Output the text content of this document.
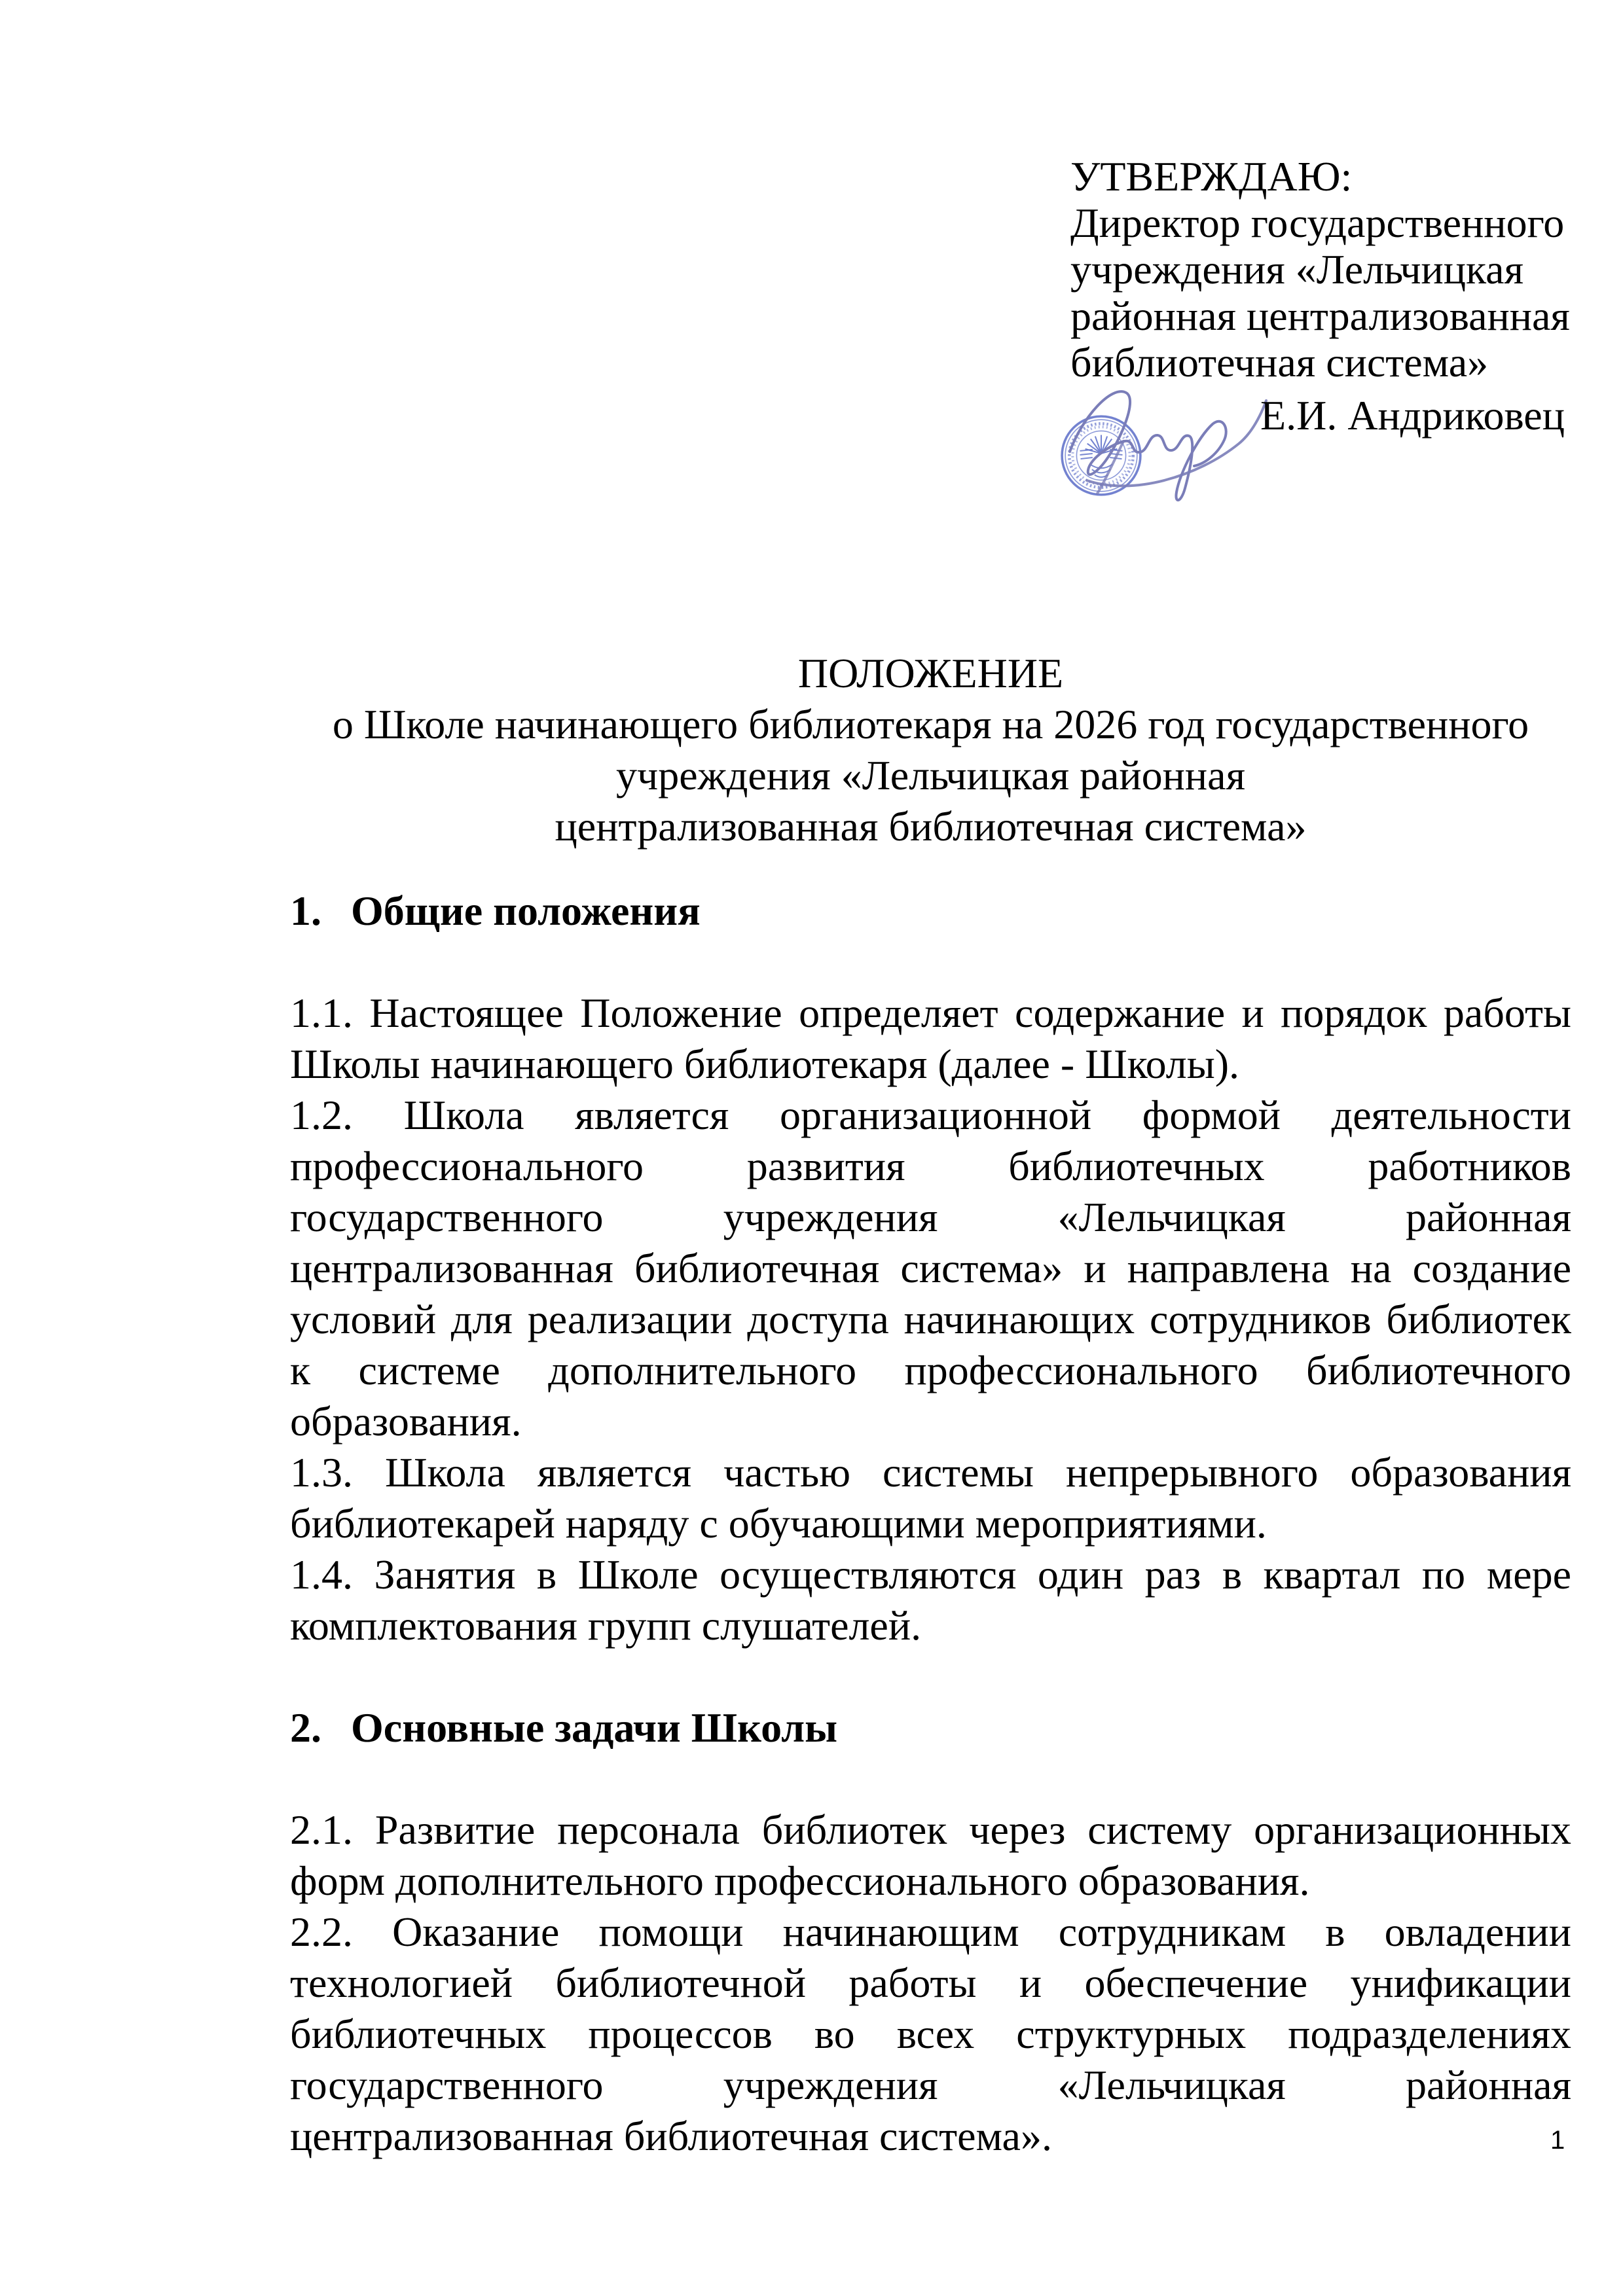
УТВЕРЖДАЮ:
Директор государственного
учреждения «Лельчицкая
районная централизованная
библиотечная система»
Е.И. Андриковец
ПОЛОЖЕНИЕ
о Школе начинающего библиотекаря на 2026 год государственного
учреждения «Лельчицкая районная
централизованная библиотечная система»

1. Общие положения

1.1. Настоящее Положение определяет содержание и порядок работы Школы начинающего библиотекаря (далее - Школы).

1.2. Школа является организационной формой деятельности профессионального развития библиотечных работников государственного учреждения «Лельчицкая районная централизованная библиотечная система» и направлена на создание условий для реализации доступа начинающих сотрудников библиотек к системе дополнительного профессионального библиотечного образования.

1.3. Школа является частью системы непрерывного образования библиотекарей наряду с обучающими мероприятиями.

1.4. Занятия в Школе осуществляются один раз в квартал по мере комплектования групп слушателей.

2. Основные задачи Школы

2.1. Развитие персонала библиотек через систему организационных форм дополнительного профессионального образования.

2.2. Оказание помощи начинающим сотрудникам в овладении технологией библиотечной работы и обеспечение унификации библиотечных процессов во всех структурных подразделениях государственного учреждения «Лельчицкая районная централизованная библиотечная система».	1
